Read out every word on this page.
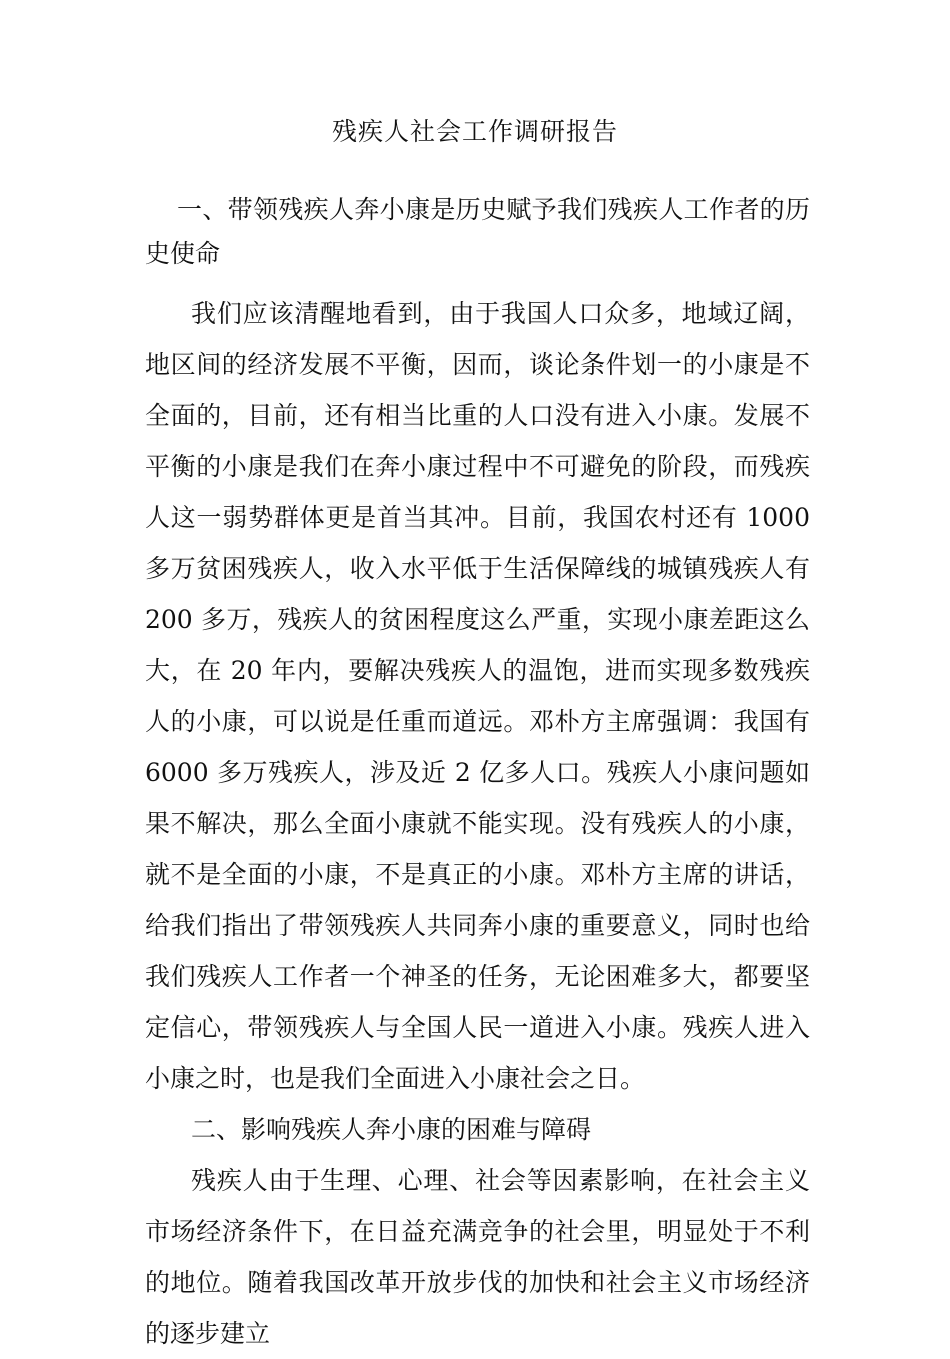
残疾人社会工作调研报告

一、带领残疾人奔小康是历史赋予我们残疾人工作者的历史使命

我们应该清醒地看到，由于我国人口众多，地域辽阔，地区间的经济发展不平衡，因而，谈论条件划一的小康是不全面的，目前，还有相当比重的人口没有进入小康。发展不平衡的小康是我们在奔小康过程中不可避免的阶段，而残疾人这一弱势群体更是首当其冲。目前，我国农村还有 1000 多万贫困残疾人，收入水平低于生活保障线的城镇残疾人有 200 多万，残疾人的贫困程度这么严重，实现小康差距这么大，在 20 年内，要解决残疾人的温饱，进而实现多数残疾人的小康，可以说是任重而道远。邓朴方主席强调：我国有 6000 多万残疾人，涉及近 2 亿多人口。残疾人小康问题如果不解决，那么全面小康就不能实现。没有残疾人的小康，就不是全面的小康，不是真正的小康。邓朴方主席的讲话，给我们指出了带领残疾人共同奔小康的重要意义，同时也给我们残疾人工作者一个神圣的任务，无论困难多大，都要坚定信心，带领残疾人与全国人民一道进入小康。残疾人进入小康之时，也是我们全面进入小康社会之日。

二、影响残疾人奔小康的困难与障碍

残疾人由于生理、心理、社会等因素影响，在社会主义市场经济条件下，在日益充满竞争的社会里，明显处于不利的地位。随着我国改革开放步伐的加快和社会主义市场经济的逐步建立
